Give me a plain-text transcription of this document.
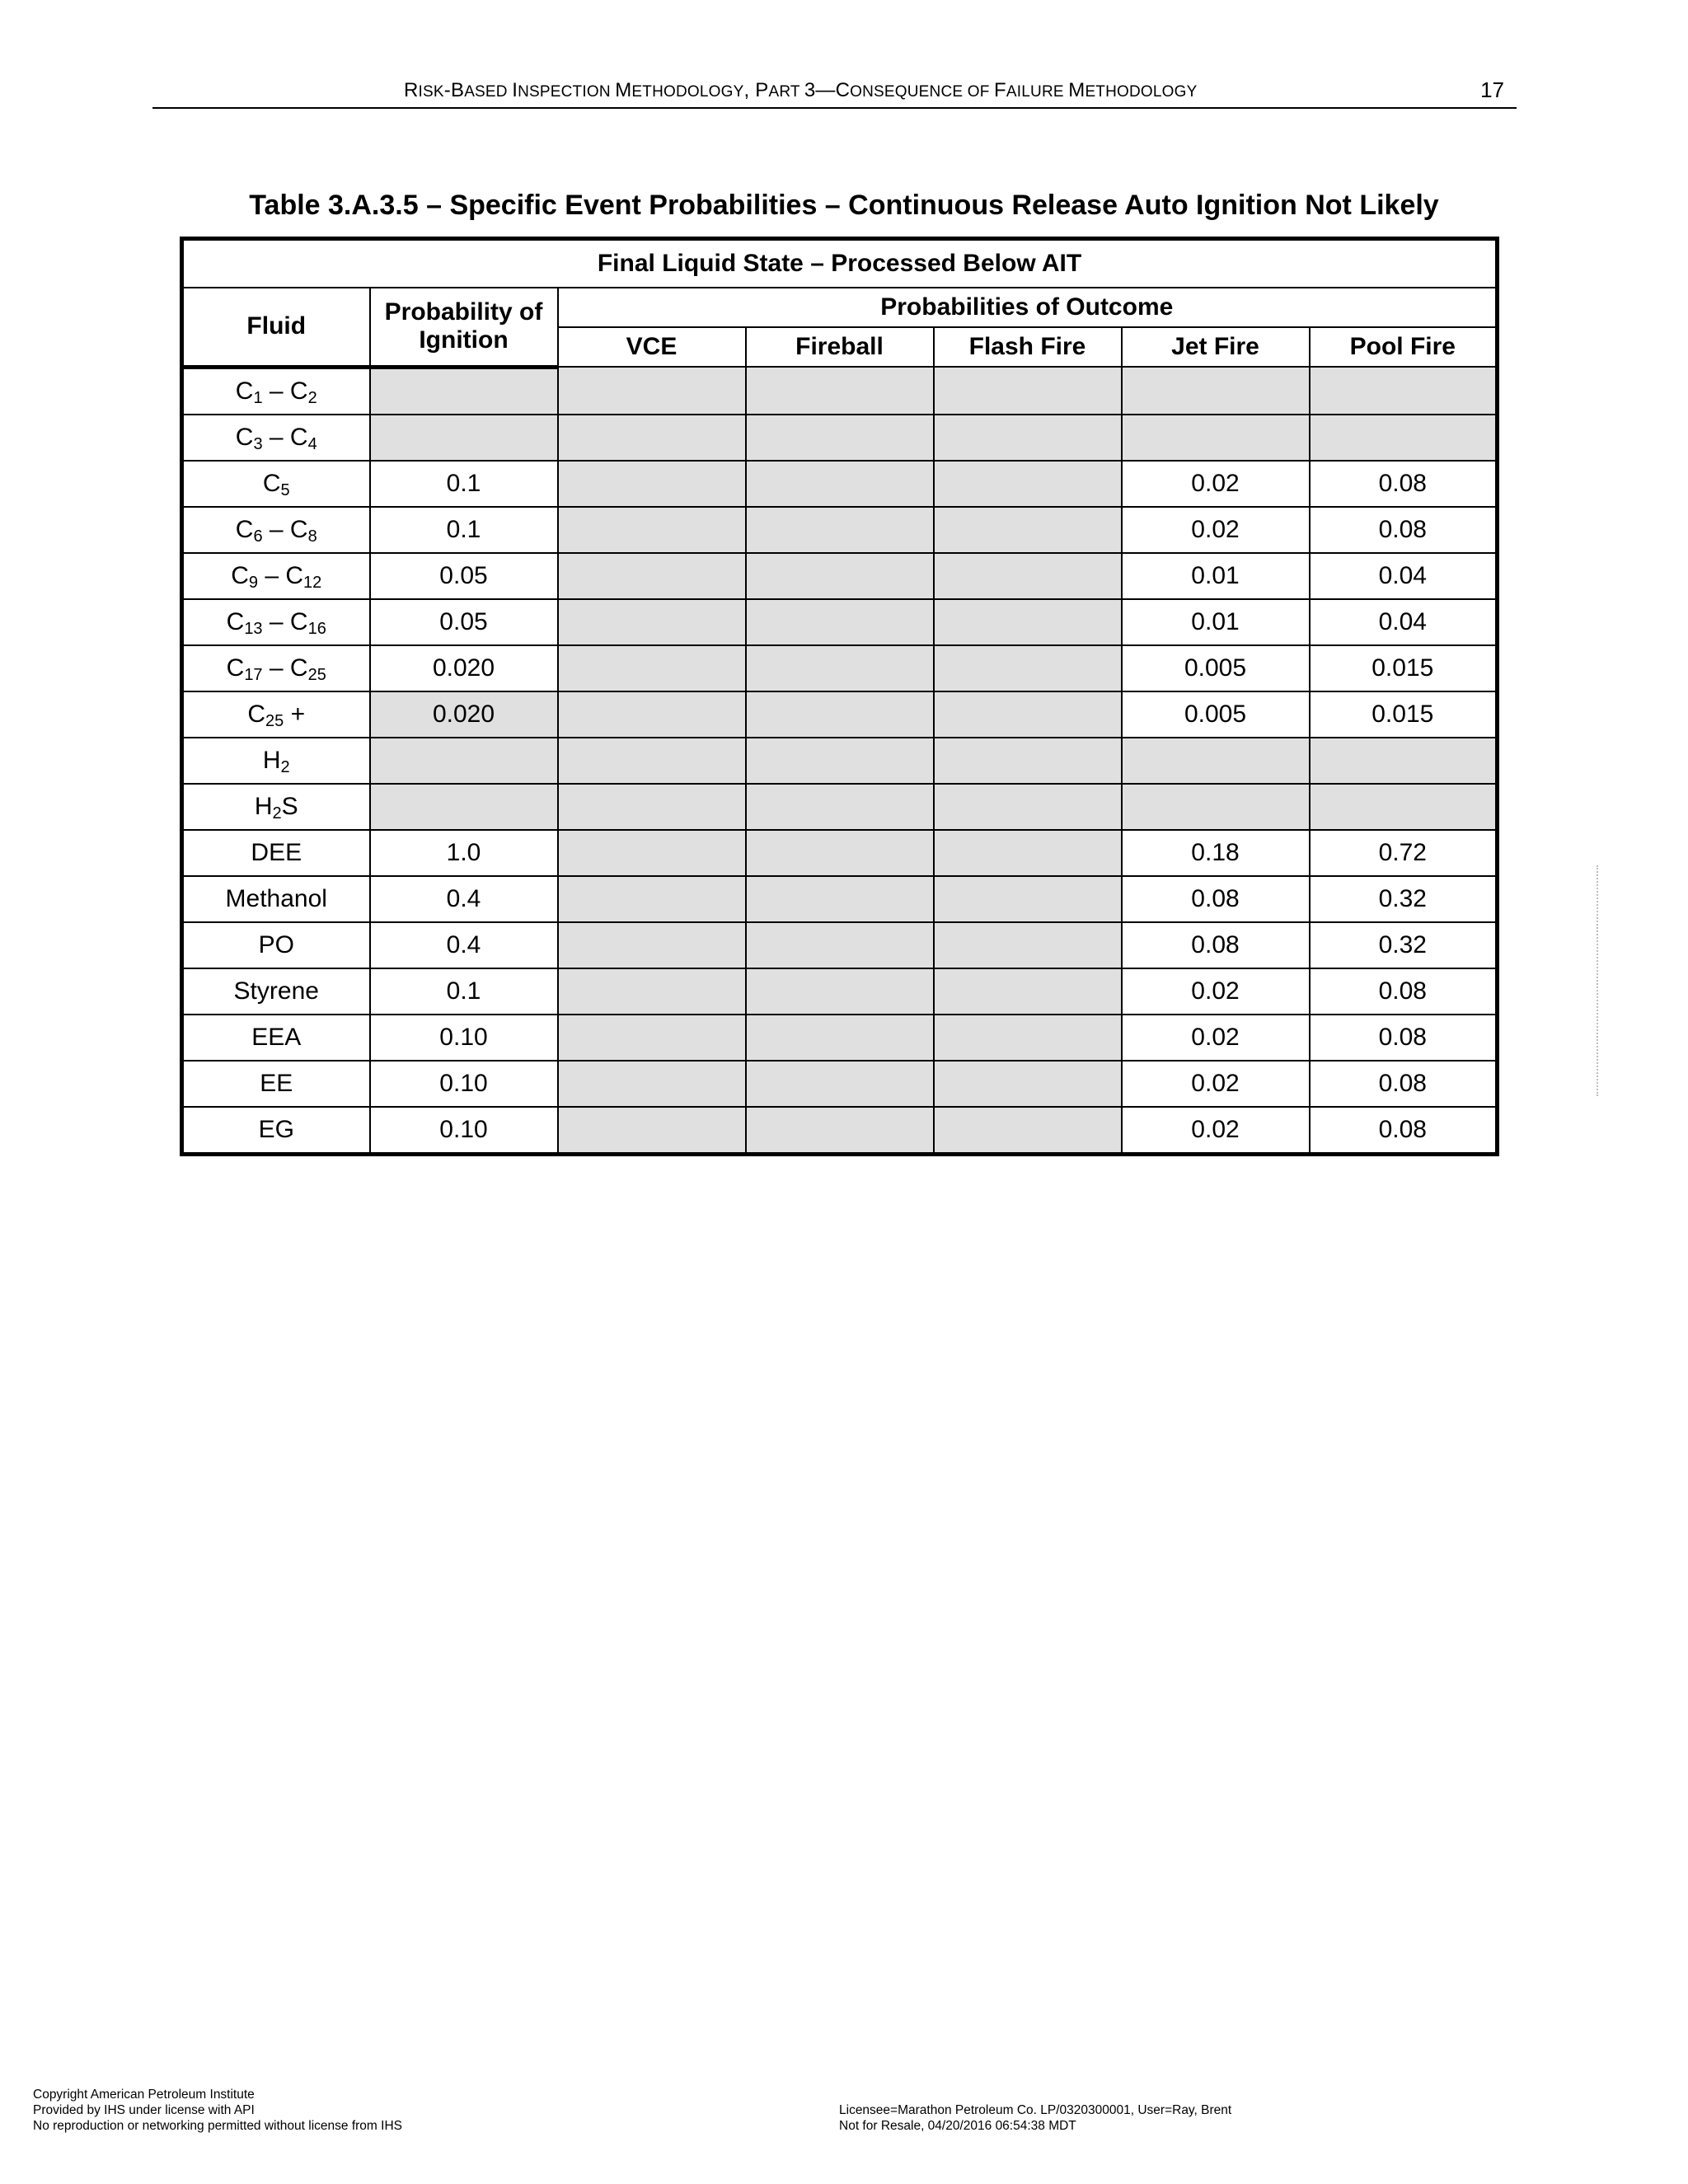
RISK-BASED INSPECTION METHODOLOGY, PART 3—CONSEQUENCE OF FAILURE METHODOLOGY	17
Table 3.A.3.5 – Specific Event Probabilities – Continuous Release Auto Ignition Not Likely
Final Liquid State – Processed Below AIT						
Fluid	Probability of Ignition	Probabilities of Outcome				
		VCE	Fireball	Flash Fire	Jet Fire	Pool Fire
$C_1 - C_2$						
$C_3 - C_4$						
$C_5$	0.1				0.02	0.08
$C_6 - C_8$	0.1				0.02	0.08
$C_9 - C_{12}$	0.05				0.01	0.04
$C_{13} - C_{16}$	0.05				0.01	0.04
$C_{17} - C_{25}$	0.020				0.005	0.015
$C_{25}$ +	0.020				0.005	0.015
$H_2$						
$H_2S$						
DEE	1.0				0.18	0.72
Methanol	0.4				0.08	0.32
PO	0.4				0.08	0.32
Styrene	0.1				0.02	0.08
EEA	0.10				0.02	0.08
EE	0.10				0.02	0.08
EG	0.10				0.02	0.08
Copyright American Petroleum Institute
Provided by IHS under license with API
No reproduction or networking permitted without license from IHS
Licensee=Marathon Petroleum Co. LP/0320300001, User=Ray, Brent
Not for Resale, 04/20/2016 06:54:38 MDT
